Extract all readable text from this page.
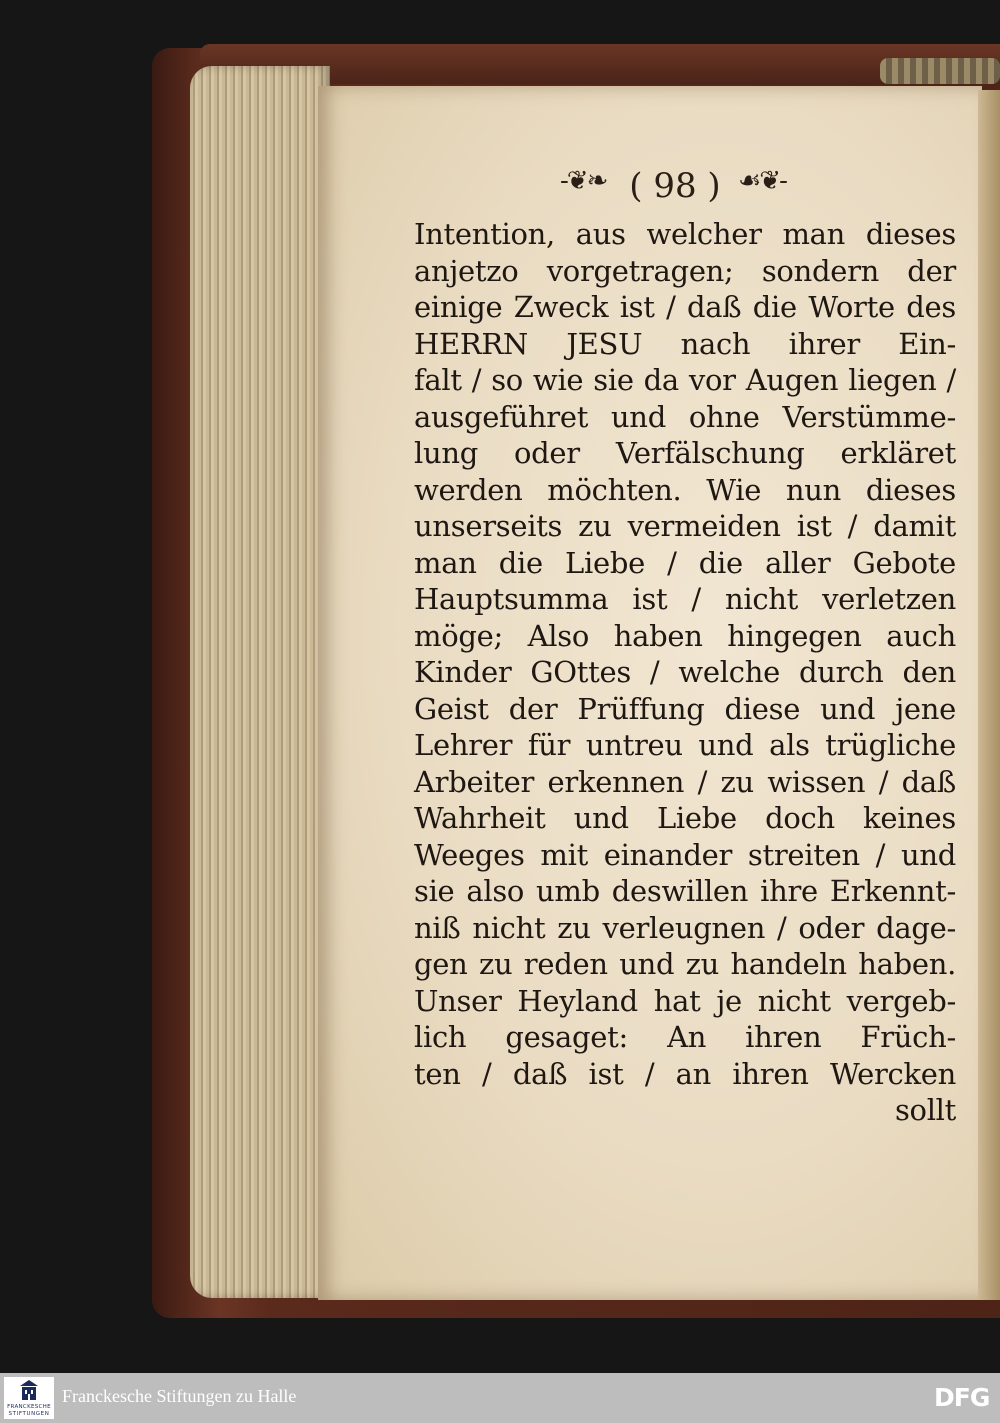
-❦❧ ( 98 ) ☙❦-
Intention, aus welcher man dieses
anjetzo vorgetragen; sondern der
einige Zweck ist / daß die Worte des
HERRN JESU nach ihrer Ein-
falt / so wie sie da vor Augen liegen /
ausgeführet und ohne Verstümme-
lung oder Verfälschung erkläret
werden möchten. Wie nun dieses
unserseits zu vermeiden ist / damit
man die Liebe / die aller Gebote
Hauptsumma ist / nicht verletzen
möge; Also haben hingegen auch
Kinder GOttes / welche durch den
Geist der Prüffung diese und jene
Lehrer für untreu und als trügliche
Arbeiter erkennen / zu wissen / daß
Wahrheit und Liebe doch keines
Weeges mit einander streiten / und
sie also umb deswillen ihre Erkennt-
niß nicht zu verleugnen / oder dage-
gen zu reden und zu handeln haben.
Unser Heyland hat je nicht vergeb-
lich gesaget: An ihren Früch-
ten / daß ist / an ihren Wercken
sollt
FRANCKESCHE
STIFTUNGEN
Franckesche Stiftungen zu Halle	DFG
